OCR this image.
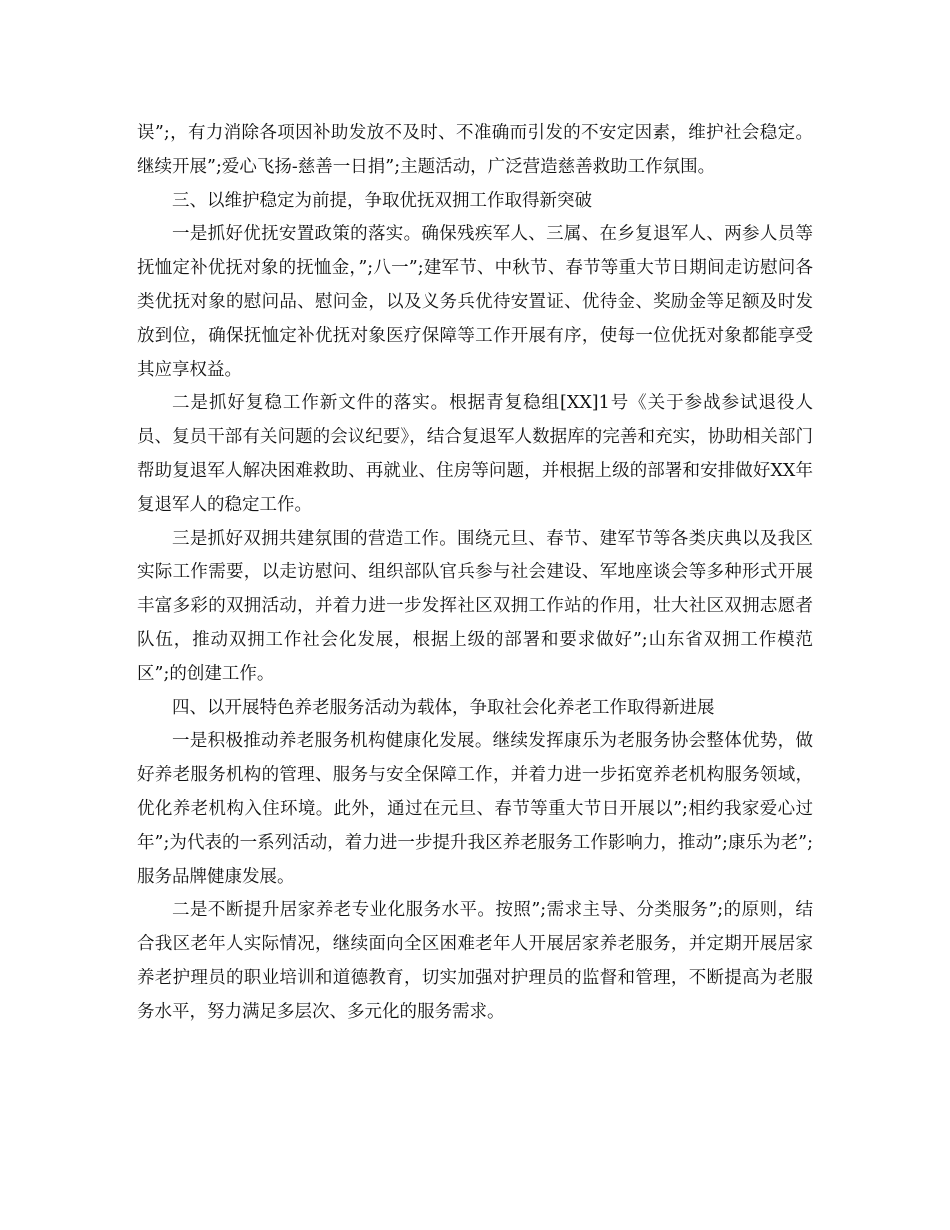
误”;，有力消除各项因补助发放不及时、不准确而引发的不安定因素，维护社会稳定。继续开展”;爱心飞扬-慈善一日捐”;主题活动，广泛营造慈善救助工作氛围。

三、以维护稳定为前提，争取优抚双拥工作取得新突破

一是抓好优抚安置政策的落实。确保残疾军人、三属、在乡复退军人、两参人员等抚恤定补优抚对象的抚恤金，”;八一”;建军节、中秋节、春节等重大节日期间走访慰问各类优抚对象的慰问品、慰问金，以及义务兵优待安置证、优待金、奖励金等足额及时发放到位，确保抚恤定补优抚对象医疗保障等工作开展有序，使每一位优抚对象都能享受其应享权益。

二是抓好复稳工作新文件的落实。根据青复稳组[XX]1号《关于参战参试退役人员、复员干部有关问题的会议纪要》，结合复退军人数据库的完善和充实，协助相关部门帮助复退军人解决困难救助、再就业、住房等问题，并根据上级的部署和安排做好XX年复退军人的稳定工作。

三是抓好双拥共建氛围的营造工作。围绕元旦、春节、建军节等各类庆典以及我区实际工作需要，以走访慰问、组织部队官兵参与社会建设、军地座谈会等多种形式开展丰富多彩的双拥活动，并着力进一步发挥社区双拥工作站的作用，壮大社区双拥志愿者队伍，推动双拥工作社会化发展，根据上级的部署和要求做好”;山东省双拥工作模范区”;的创建工作。

四、以开展特色养老服务活动为载体，争取社会化养老工作取得新进展

一是积极推动养老服务机构健康化发展。继续发挥康乐为老服务协会整体优势，做好养老服务机构的管理、服务与安全保障工作，并着力进一步拓宽养老机构服务领域，优化养老机构入住环境。此外，通过在元旦、春节等重大节日开展以”;相约我家爱心过年”;为代表的一系列活动，着力进一步提升我区养老服务工作影响力，推动”;康乐为老”;服务品牌健康发展。

二是不断提升居家养老专业化服务水平。按照”;需求主导、分类服务”;的原则，结合我区老年人实际情况，继续面向全区困难老年人开展居家养老服务，并定期开展居家养老护理员的职业培训和道德教育，切实加强对护理员的监督和管理，不断提高为老服务水平，努力满足多层次、多元化的服务需求。
